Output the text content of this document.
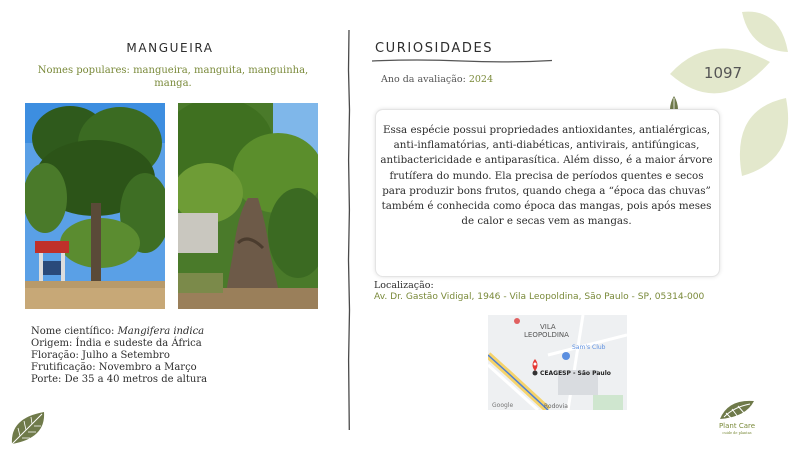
MANGUEIRA
Nomes populares: mangueira, manguita, manguinha, manga.
Nome científico: Mangifera indica
Origem: Índia e sudeste da África
Floração: Julho a Setembro
Frutificação: Novembro a Março
Porte: De 35 a 40 metros de altura
CURIOSIDADES
Ano da avaliação: 2024	1097
Essa espécie possui propriedades antioxidantes, antialérgicas, anti-inflamatórias, anti-diabéticas, antivirais, antifúngicas, antibactericidade e antiparasítica. Além disso, é a maior árvore frutífera do mundo. Ela precisa de períodos quentes e secos para produzir bons frutos, quando chega a “época das chuvas” também é conhecida como época das mangas, pois após meses de calor e secas vem as mangas.
Localização:
Av. Dr. Gastão Vidigal, 1946 - Vila Leopoldina, São Paulo - SP, 05314-000
VILA
LEOPOLDINA
Sam's Club
CEAGESP - São Paulo
Rodovia
Google
Plant Care
cuide de plantas
